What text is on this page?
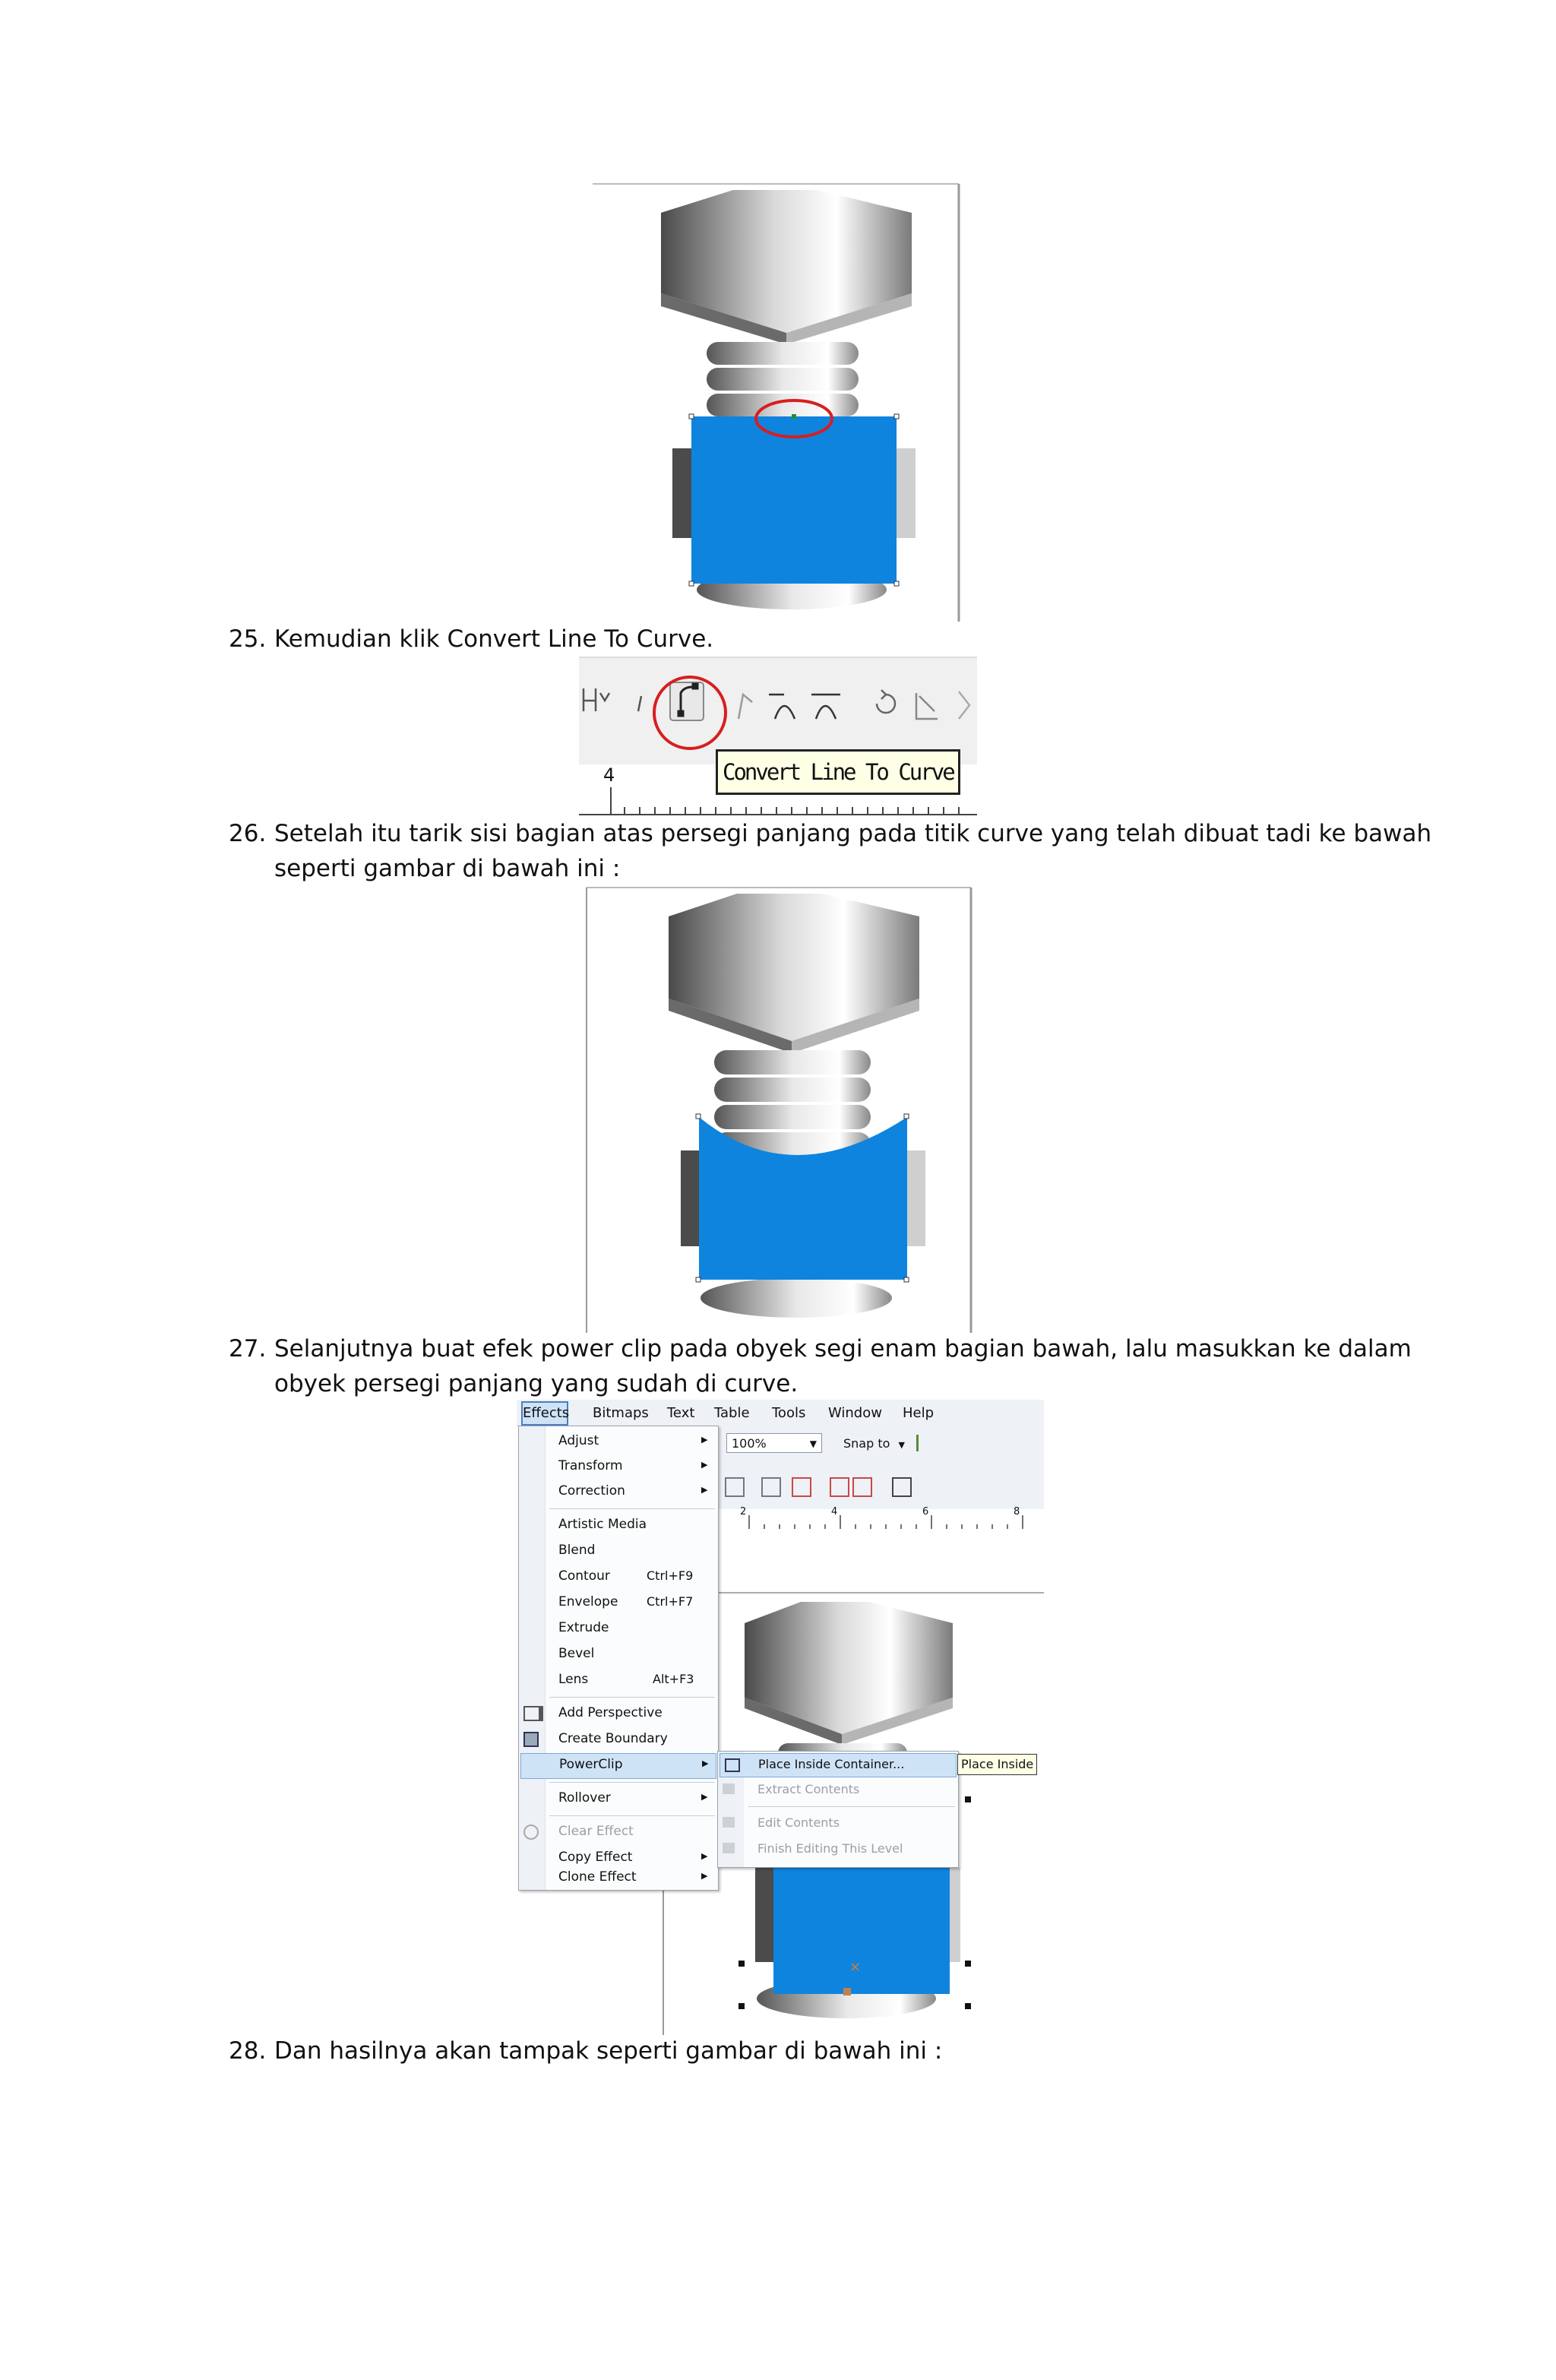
25. Kemudian klik Convert Line To Curve.
4	Convert Line To Curve
26. Setelah itu tarik sisi bagian atas persegi panjang pada titik curve yang telah dibuat tadi ke bawah
seperti gambar di bawah ini :
27. Selanjutnya buat efek power clip pada obyek segi enam bagian bawah, lalu masukkan ke dalam
obyek persegi panjang yang sudah di curve.
Effects Bitmaps Text Table Tools Window Help
100%	▼ Snap to ▼
2	4	6	8
×
Adjust	▶
Transform	▶
Correction	▶
Artistic Media
Blend
Contour	Ctrl+F9
Envelope Ctrl+F7
Extrude
Bevel
Lens	Alt+F3
Add Perspective
Create Boundary
PowerClip	▶
Rollover	▶
Clear Effect
Copy Effect	▶
Clone Effect	▶
Place Inside Container...
Extract Contents
Edit Contents
Finish Editing This Level
Place Inside
28. Dan hasilnya akan tampak seperti gambar di bawah ini :
